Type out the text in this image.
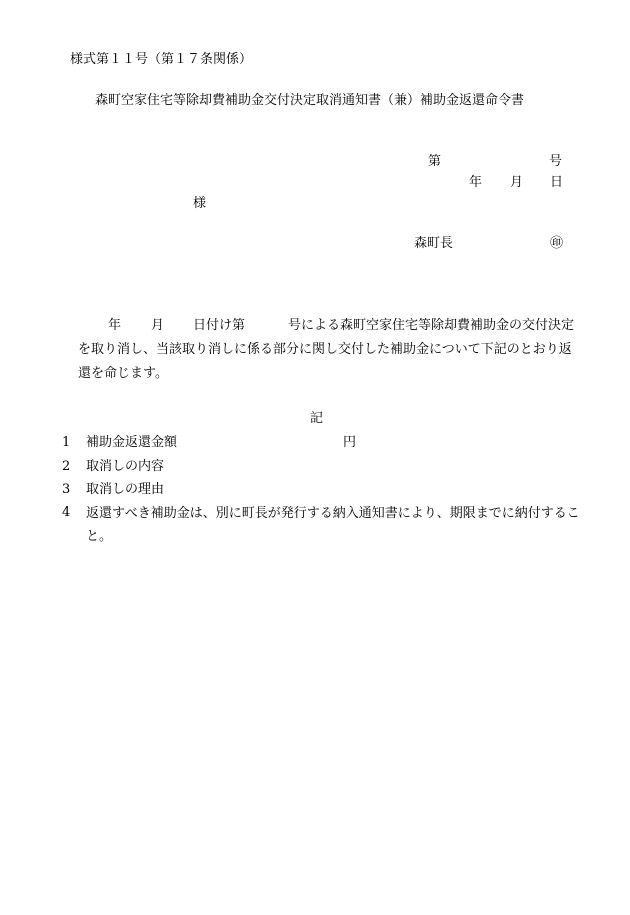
様式第１１号（第１７条関係）
森町空家住宅等除却費補助金交付決定取消通知書（兼）補助金返還命令書
第	号
年 月 日
様
森町長	㊞
年 月 日付け第	号による森町空家住宅等除却費補助金の交付決定を取り消し、当該取り消しに係る部分に関し交付した補助金について下記のとおり返還を命じます。
記
1 補助金返還金額	円
2 取消しの内容
3 取消しの理由
4	返還すべき補助金は、別に町長が発行する納入通知書により、期限までに納付すること。
